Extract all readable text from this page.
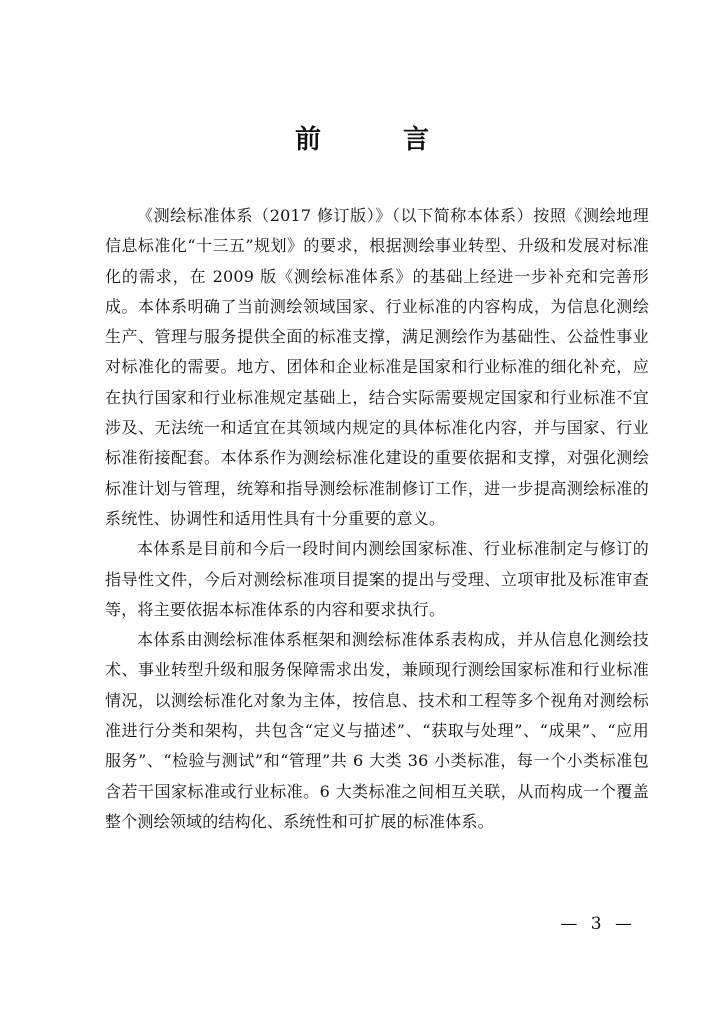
前　言

《测绘标准体系（2017 修订版）》（以下简称本体系）按照《测绘地理信息标准化“十三五”规划》的要求，根据测绘事业转型、升级和发展对标准化的需求，在 2009 版《测绘标准体系》的基础上经进一步补充和完善形成。本体系明确了当前测绘领域国家、行业标准的内容构成，为信息化测绘生产、管理与服务提供全面的标准支撑，满足测绘作为基础性、公益性事业对标准化的需要。地方、团体和企业标准是国家和行业标准的细化补充，应在执行国家和行业标准规定基础上，结合实际需要规定国家和行业标准不宜涉及、无法统一和适宜在其领域内规定的具体标准化内容，并与国家、行业标准衔接配套。本体系作为测绘标准化建设的重要依据和支撑，对强化测绘标准计划与管理，统筹和指导测绘标准制修订工作，进一步提高测绘标准的系统性、协调性和适用性具有十分重要的意义。

本体系是目前和今后一段时间内测绘国家标准、行业标准制定与修订的指导性文件，今后对测绘标准项目提案的提出与受理、立项审批及标准审查等，将主要依据本标准体系的内容和要求执行。

本体系由测绘标准体系框架和测绘标准体系表构成，并从信息化测绘技术、事业转型升级和服务保障需求出发，兼顾现行测绘国家标准和行业标准情况，以测绘标准化对象为主体，按信息、技术和工程等多个视角对测绘标准进行分类和架构，共包含“定义与描述”、“获取与处理”、“成果”、“应用服务”、“检验与测试”和“管理”共 6 大类 36 小类标准，每一个小类标准包含若干国家标准或行业标准。6 大类标准之间相互关联，从而构成一个覆盖整个测绘领域的结构化、系统性和可扩展的标准体系。

— 3 —
